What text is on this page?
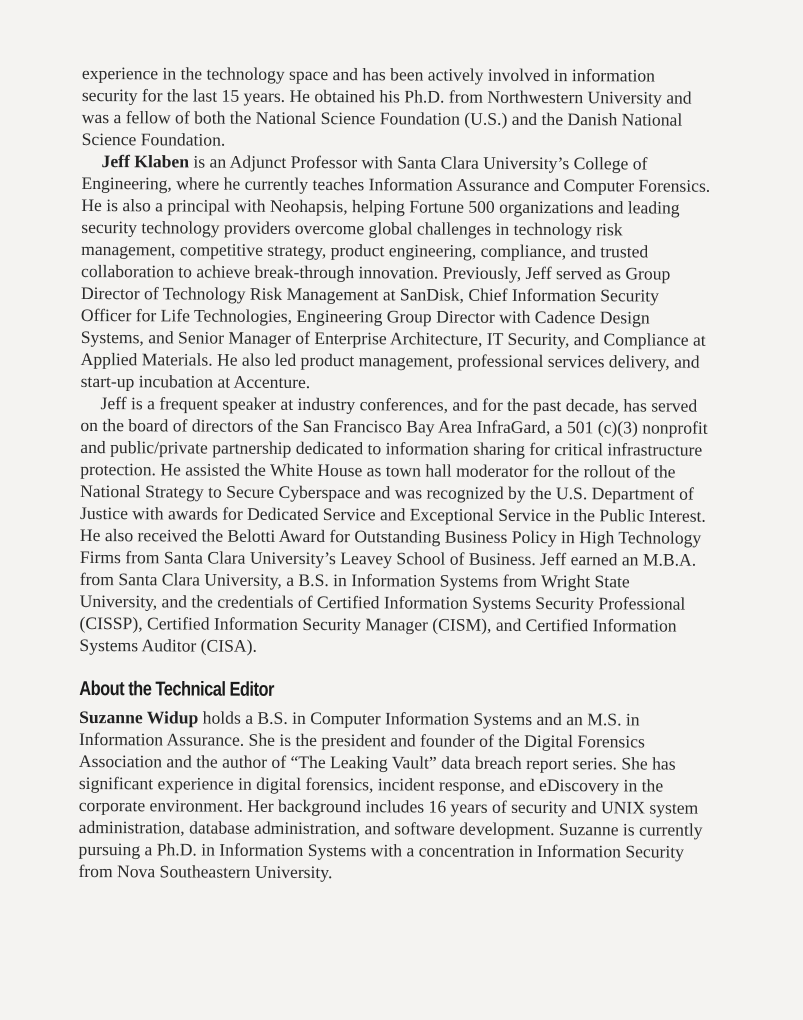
experience in the technology space and has been actively involved in information security for the last 15 years. He obtained his Ph.D. from Northwestern University and was a fellow of both the National Science Foundation (U.S.) and the Danish National Science Foundation.

Jeff Klaben is an Adjunct Professor with Santa Clara University’s College of Engineering, where he currently teaches Information Assurance and Computer Forensics. He is also a principal with Neohapsis, helping Fortune 500 organizations and leading security technology providers overcome global challenges in technology risk management, competitive strategy, product engineering, compliance, and trusted collaboration to achieve break-through innovation. Previously, Jeff served as Group Director of Technology Risk Management at SanDisk, Chief Information Security Officer for Life Technologies, Engineering Group Director with Cadence Design Systems, and Senior Manager of Enterprise Architecture, IT Security, and Compliance at Applied Materials. He also led product management, professional services delivery, and start-up incubation at Accenture.

Jeff is a frequent speaker at industry conferences, and for the past decade, has served on the board of directors of the San Francisco Bay Area InfraGard, a 501 (c)(3) nonprofit and public/private partnership dedicated to information sharing for critical infrastructure protection. He assisted the White House as town hall moderator for the rollout of the National Strategy to Secure Cyberspace and was recognized by the U.S. Department of Justice with awards for Dedicated Service and Exceptional Service in the Public Interest. He also received the Belotti Award for Outstanding Business Policy in High Technology Firms from Santa Clara University’s Leavey School of Business. Jeff earned an M.B.A. from Santa Clara University, a B.S. in Information Systems from Wright State University, and the credentials of Certified Information Systems Security Professional (CISSP), Certified Information Security Manager (CISM), and Certified Information Systems Auditor (CISA).

About the Technical Editor

Suzanne Widup holds a B.S. in Computer Information Systems and an M.S. in Information Assurance. She is the president and founder of the Digital Forensics Association and the author of “The Leaking Vault” data breach report series. She has significant experience in digital forensics, incident response, and eDiscovery in the corporate environment. Her background includes 16 years of security and UNIX system administration, database administration, and software development. Suzanne is currently pursuing a Ph.D. in Information Systems with a concentration in Information Security from Nova Southeastern University.
